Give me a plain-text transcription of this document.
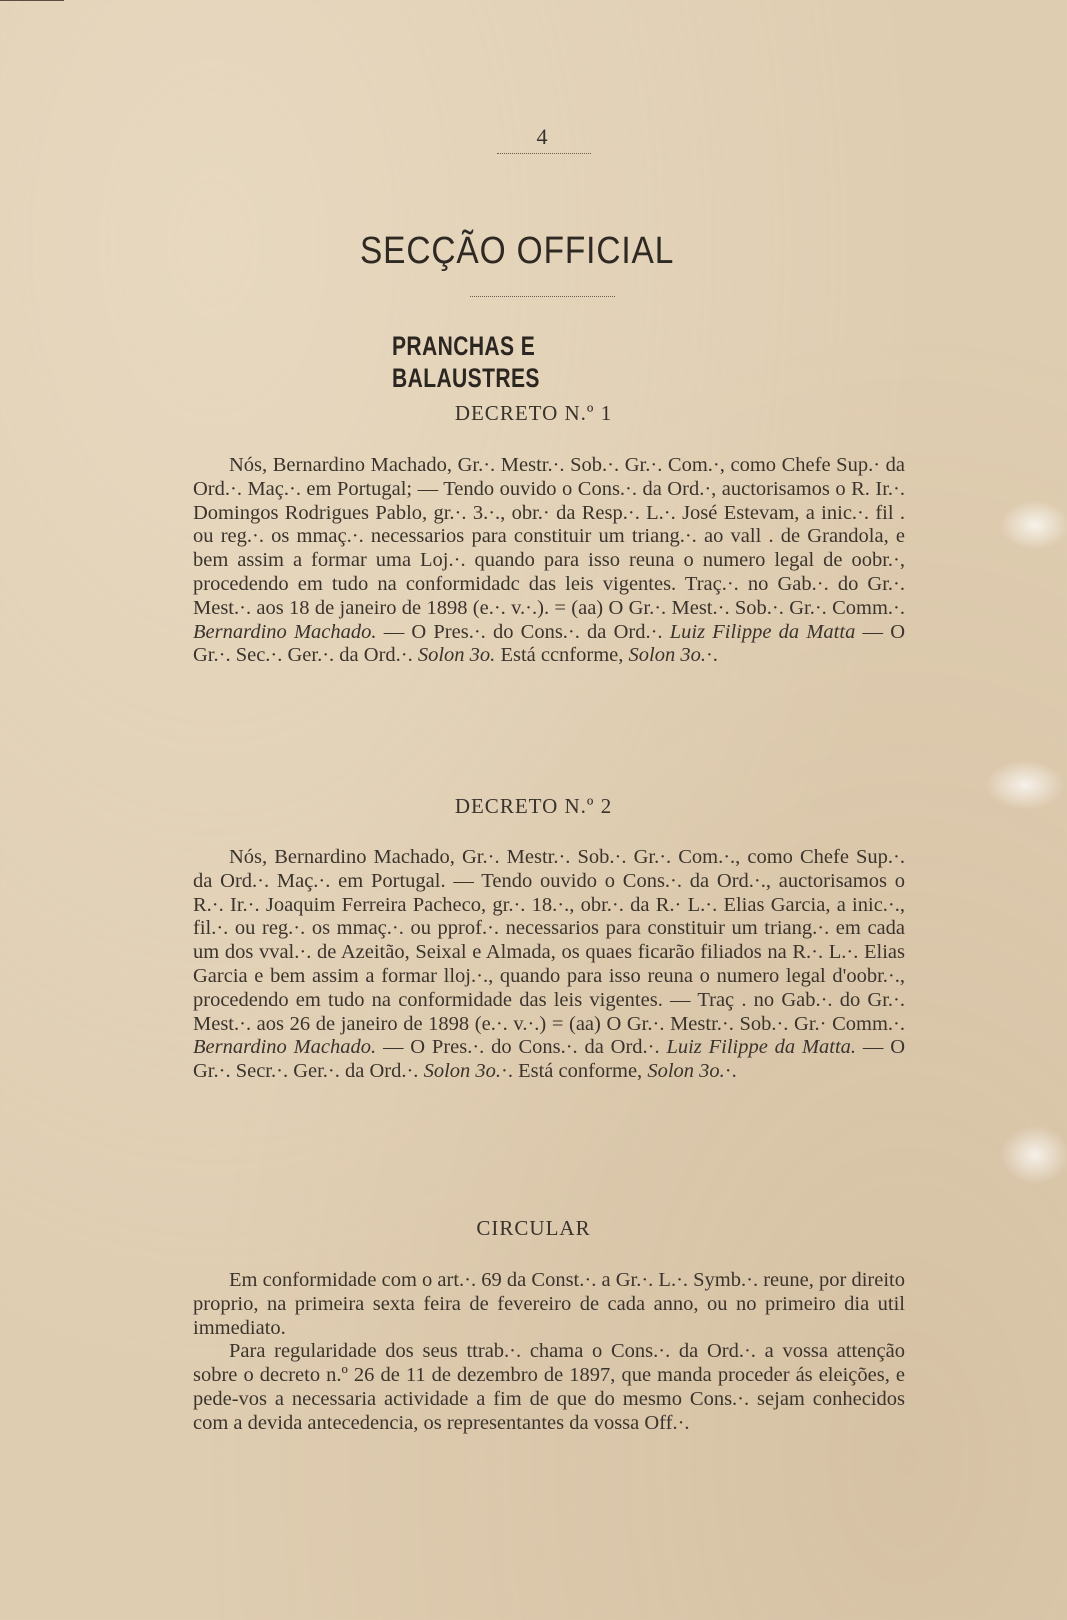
4
SECÇÃO OFFICIAL
PRANCHAS E BALAUSTRES
DECRETO N.º 1

Nós, Bernardino Machado, Gr.·. Mestr.·. Sob.·. Gr.·. Com.·, como Chefe Sup.· da Ord.·. Maç.·. em Portugal; — Tendo ouvido o Cons.·. da Ord.·, auctorisamos o R. Ir.·. Domingos Rodrigues Pablo, gr.·. 3.·., obr.· da Resp.·. L.·. José Estevam, a inic.·. fil . ou reg.·. os mmaç.·. necessarios para constituir um triang.·. ao vall . de Grandola, e bem assim a formar uma Loj.·. quando para isso reuna o numero legal de oobr.·, procedendo em tudo na conformidadc das leis vigentes. Traç.·. no Gab.·. do Gr.·. Mest.·. aos 18 de janeiro de 1898 (e.·. v.·.). = (aa) O Gr.·. Mest.·. Sob.·. Gr.·. Comm.·. Bernardino Machado. — O Pres.·. do Cons.·. da Ord.·. Luiz Filippe da Matta — O Gr.·. Sec.·. Ger.·. da Ord.·. Solon 3o. Está ccnforme, Solon 3o.·.

DECRETO N.º 2

Nós, Bernardino Machado, Gr.·. Mestr.·. Sob.·. Gr.·. Com.·., como Chefe Sup.·. da Ord.·. Maç.·. em Portugal. — Tendo ouvido o Cons.·. da Ord.·., auctorisamos o R.·. Ir.·. Joaquim Ferreira Pacheco, gr.·. 18.·., obr.·. da R.· L.·. Elias Garcia, a inic.·., fil.·. ou reg.·. os mmaç.·. ou pprof.·. necessarios para constituir um triang.·. em cada um dos vval.·. de Azeitão, Seixal e Almada, os quaes ficarão filiados na R.·. L.·. Elias Garcia e bem assim a formar lloj.·., quando para isso reuna o numero legal d'oobr.·., procedendo em tudo na conformidade das leis vigentes. — Traç . no Gab.·. do Gr.·. Mest.·. aos 26 de janeiro de 1898 (e.·. v.·.) = (aa) O Gr.·. Mestr.·. Sob.·. Gr.· Comm.·. Bernardino Machado. — O Pres.·. do Cons.·. da Ord.·. Luiz Filippe da Matta. — O Gr.·. Secr.·. Ger.·. da Ord.·. Solon 3o.·. Está conforme, Solon 3o.·.

CIRCULAR

Em conformidade com o art.·. 69 da Const.·. a Gr.·. L.·. Symb.·. reune, por direito proprio, na primeira sexta feira de fevereiro de cada anno, ou no primeiro dia util immediato.

Para regularidade dos seus ttrab.·. chama o Cons.·. da Ord.·. a vossa attenção sobre o decreto n.º 26 de 11 de dezembro de 1897, que manda proceder ás eleições, e pede-vos a necessaria actividade a fim de que do mesmo Cons.·. sejam conhecidos com a devida antecedencia, os representantes da vossa Off.·.
